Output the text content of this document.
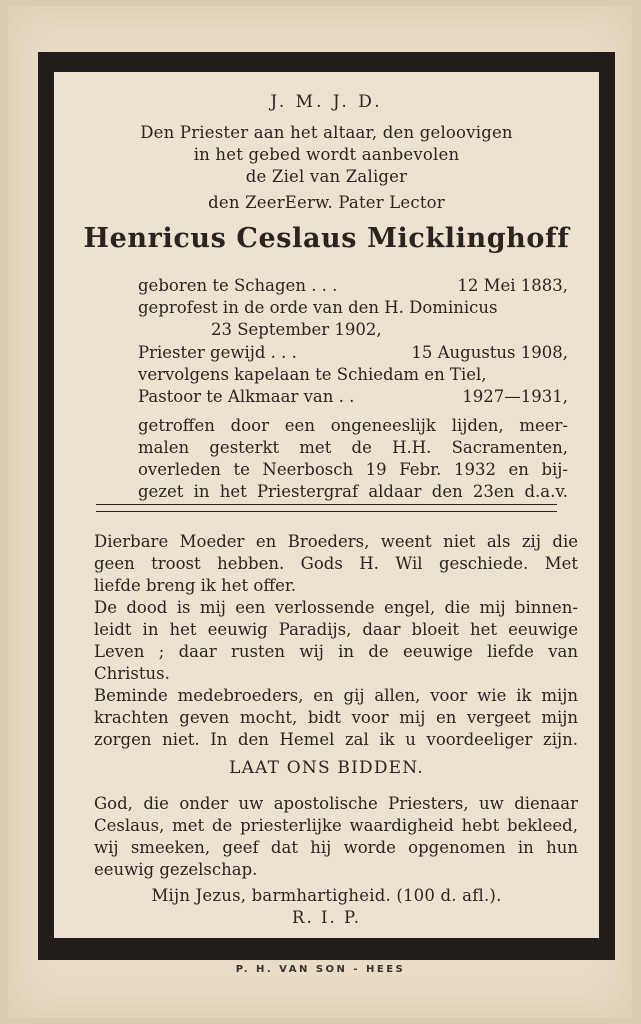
J. M. J. D.
Den Priester aan het altaar, den geloovigen
in het gebed wordt aanbevolen
de Ziel van Zaliger
den ZeerEerw. Pater Lector
Henricus Ceslaus Micklinghoff
geboren te Schagen . . .	12 Mei 1883,
geprofest in de orde van den H. Dominicus
23 September 1902,
Priester gewijd . . .	15 Augustus 1908,
vervolgens kapelaan te Schiedam en Tiel,
Pastoor te Alkmaar van . .	1927—1931,
getroffen door een ongeneeslijk lijden, meer-
malen gesterkt met de H.H. Sacramenten,
overleden te Neerbosch 19 Febr. 1932 en bij-
gezet in het Priestergraf aldaar den 23en d.a.v.
Dierbare Moeder en Broeders, weent niet als zij die
geen troost hebben. Gods H. Wil geschiede. Met
liefde breng ik het offer.
De dood is mij een verlossende engel, die mij binnen-
leidt in het eeuwig Paradijs, daar bloeit het eeuwige
Leven ; daar rusten wij in de eeuwige liefde van
Christus.
Beminde medebroeders, en gij allen, voor wie ik mijn
krachten geven mocht, bidt voor mij en vergeet mijn
zorgen niet. In den Hemel zal ik u voordeeliger zijn.
LAAT ONS BIDDEN.
God, die onder uw apostolische Priesters, uw dienaar
Ceslaus, met de priesterlijke waardigheid hebt bekleed,
wij smeeken, geef dat hij worde opgenomen in hun
eeuwig gezelschap.
Mijn Jezus, barmhartigheid. (100 d. afl.).
R. I. P.
P. H. VAN SON - HEES
